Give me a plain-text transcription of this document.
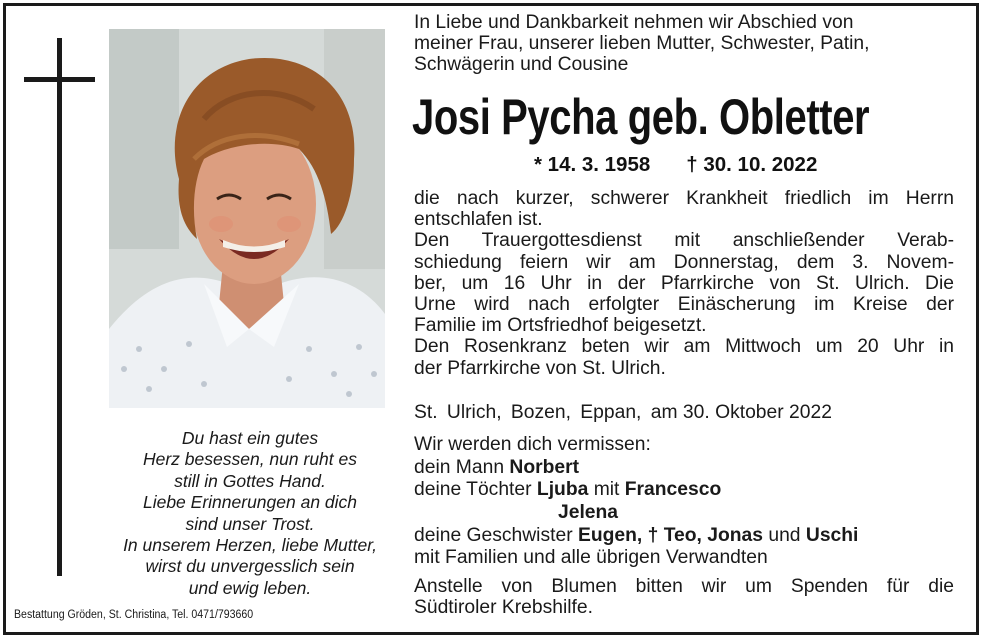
Du hast ein gutes
Herz besessen, nun ruht es
still in Gottes Hand.
Liebe Erinnerungen an dich
sind unser Trost.
In unserem Herzen, liebe Mutter,
wirst du unvergesslich sein
und ewig leben.
Bestattung Gröden, St. Christina, Tel. 0471/793660
In Liebe und Dankbarkeit nehmen wir Abschied von
meiner Frau, unserer lieben Mutter, Schwester, Patin,
Schwägerin und Cousine
Josi Pycha geb. Obletter
* 14. 3. 1958 † 30. 10. 2022
die nach kurzer, schwerer Krankheit friedlich im Herrn
entschlafen ist.
Den Trauergottesdienst mit anschließender Verab-
schiedung feiern wir am Donnerstag, dem 3. Novem-
ber, um 16 Uhr in der Pfarrkirche von St. Ulrich. Die
Urne wird nach erfolgter Einäscherung im Kreise der
Familie im Ortsfriedhof beigesetzt.
Den Rosenkranz beten wir am Mittwoch um 20 Uhr in
der Pfarrkirche von St. Ulrich.
St. Ulrich, Bozen, Eppan, am 30. Oktober 2022
Wir werden dich vermissen:
dein Mann Norbert
deine Töchter Ljuba mit Francesco
Jelena
deine Geschwister Eugen, † Teo, Jonas und Uschi
mit Familien und alle übrigen Verwandten
Anstelle von Blumen bitten wir um Spenden für die
Südtiroler Krebshilfe.
